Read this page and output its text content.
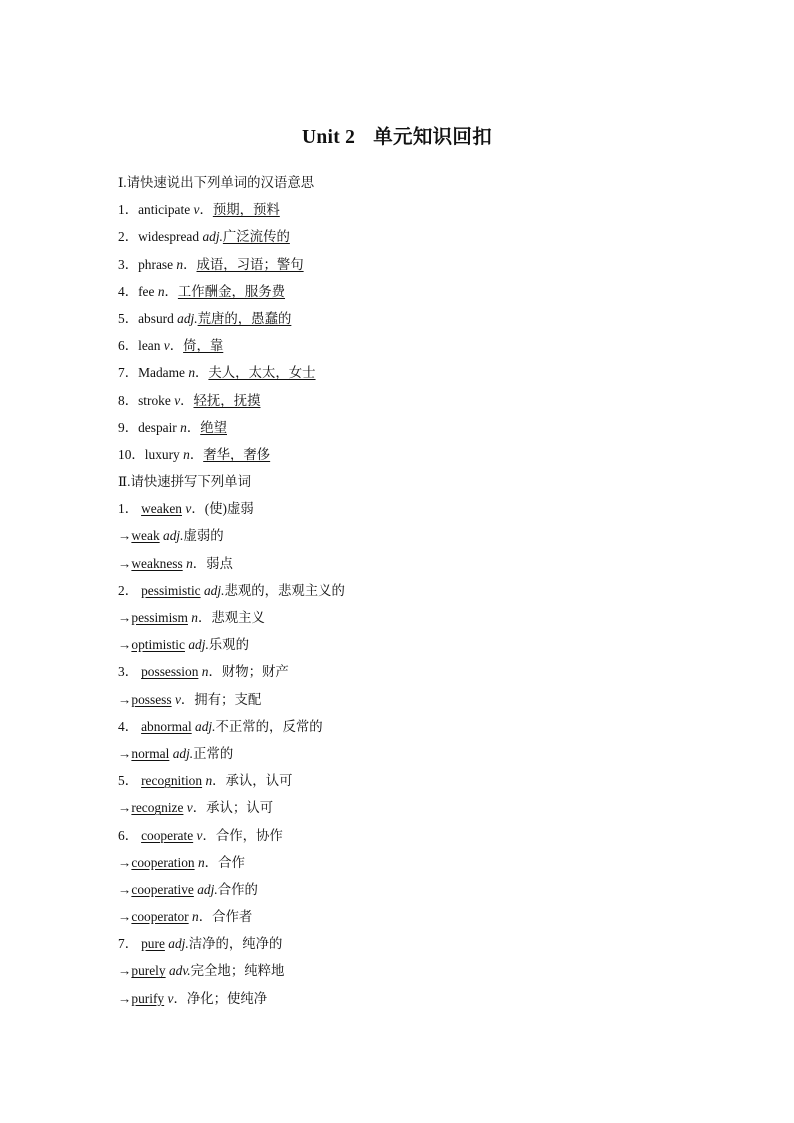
Unit 2 单元知识回扣
Ⅰ.请快速说出下列单词的汉语意思
1．anticipate v．预期，预料
2．widespread adj.广泛流传的
3．phrase n．成语，习语；警句
4．fee n．工作酬金，服务费
5．absurd adj.荒唐的，愚蠢的
6．lean v．倚，靠
7．Madame n．夫人，太太，女士
8．stroke v．轻抚，抚摸
9．despair n．绝望
10．luxury n．奢华，奢侈
Ⅱ.请快速拼写下列单词
1． weaken v．(使)虚弱
→weak adj.虚弱的
→weakness n．弱点
2． pessimistic adj.悲观的，悲观主义的
→pessimism n．悲观主义
→optimistic adj.乐观的
3． possession n．财物；财产
→possess v．拥有；支配
4． abnormal adj.不正常的，反常的
→normal adj.正常的
5． recognition n．承认，认可
→recognize v．承认；认可
6． cooperate v．合作，协作
→cooperation n．合作
→cooperative adj.合作的
→cooperator n．合作者
7． pure adj.洁净的，纯净的
→purely adv.完全地；纯粹地
→purify v．净化；使纯净
